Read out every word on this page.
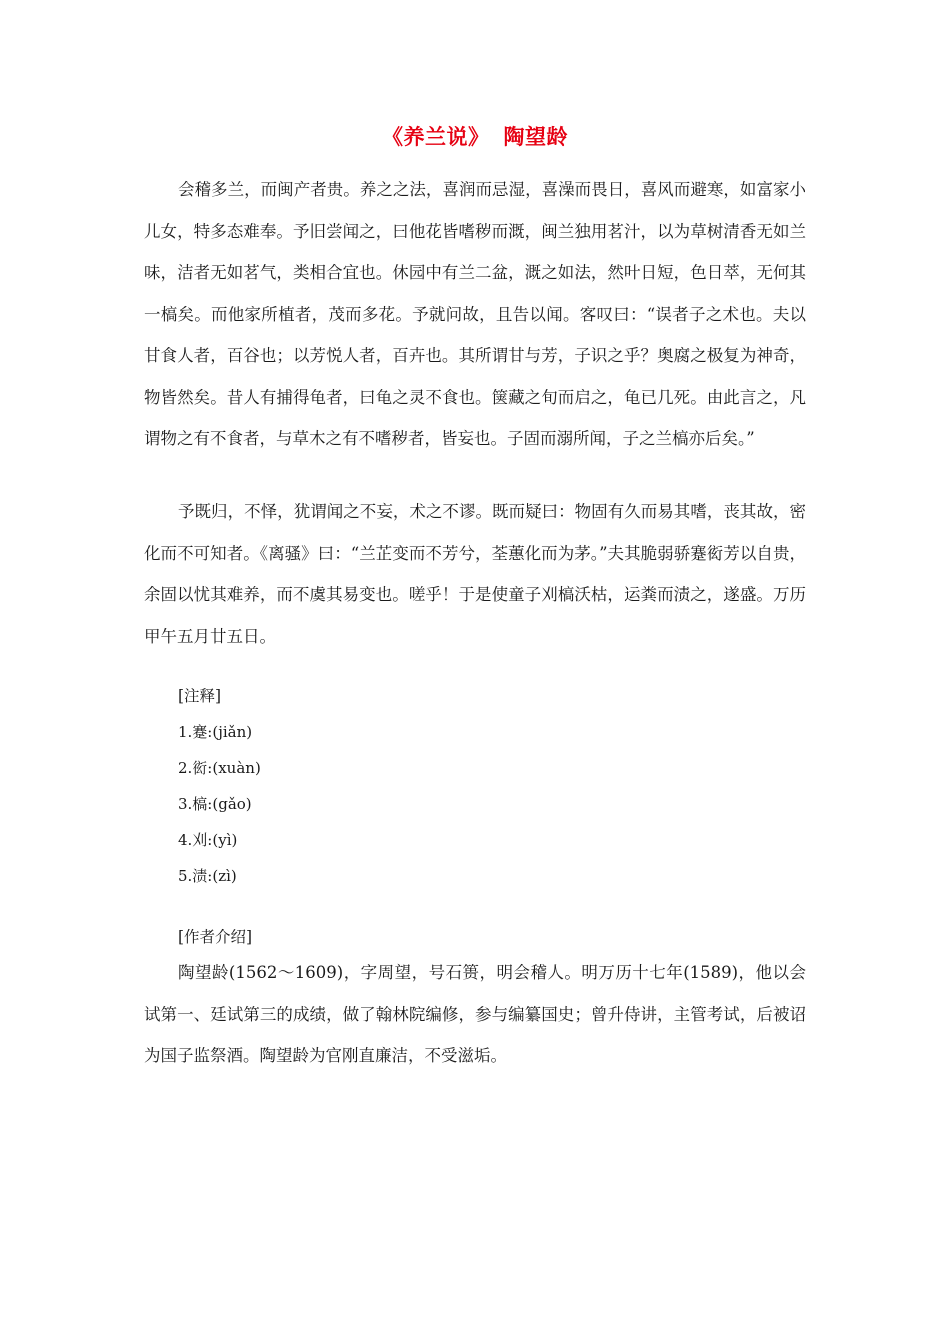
《养兰说》 陶望龄

会稽多兰，而闽产者贵。养之之法，喜润而忌湿，喜澡而畏日，喜风而避寒，如富家小儿女，特多态难奉。予旧尝闻之，曰他花皆嗜秽而溉，闽兰独用茗汁，以为草树清香无如兰味，洁者无如茗气，类相合宜也。休园中有兰二盆，溉之如法，然叶日短，色日萃，无何其一槁矣。而他家所植者，茂而多花。予就问故，且告以闻。客叹曰：“误者子之术也。夫以甘食人者，百谷也；以芳悦人者，百卉也。其所谓甘与芳，子识之乎？奥腐之极复为神奇，物皆然矣。昔人有捕得龟者，曰龟之灵不食也。箧藏之旬而启之，龟已几死。由此言之，凡谓物之有不食者，与草木之有不嗜秽者，皆妄也。子固而溺所闻，子之兰槁亦后矣。”

予既归，不怿，犹谓闻之不妄，术之不谬。既而疑曰：物固有久而易其嗜，丧其故，密化而不可知者。《离骚》曰：“兰芷变而不芳兮，荃蕙化而为茅。”夫其脆弱骄蹇衒芳以自贵，余固以忧其难养，而不虞其易变也。嗟乎！于是使童子刈槁沃枯，运粪而渍之，遂盛。万历甲午五月廿五日。

[注释]

1.蹇:(jiǎn)

2.衒:(xuàn)

3.槁:(gǎo)

4.刈:(yì)

5.渍:(zì)

[作者介绍]

陶望龄(1562～1609)，字周望，号石篑，明会稽人。明万历十七年(1589)，他以会试第一、廷试第三的成绩，做了翰林院编修，参与编纂国史；曾升侍讲，主管考试，后被诏为国子监祭酒。陶望龄为官刚直廉洁，不受滋垢。
